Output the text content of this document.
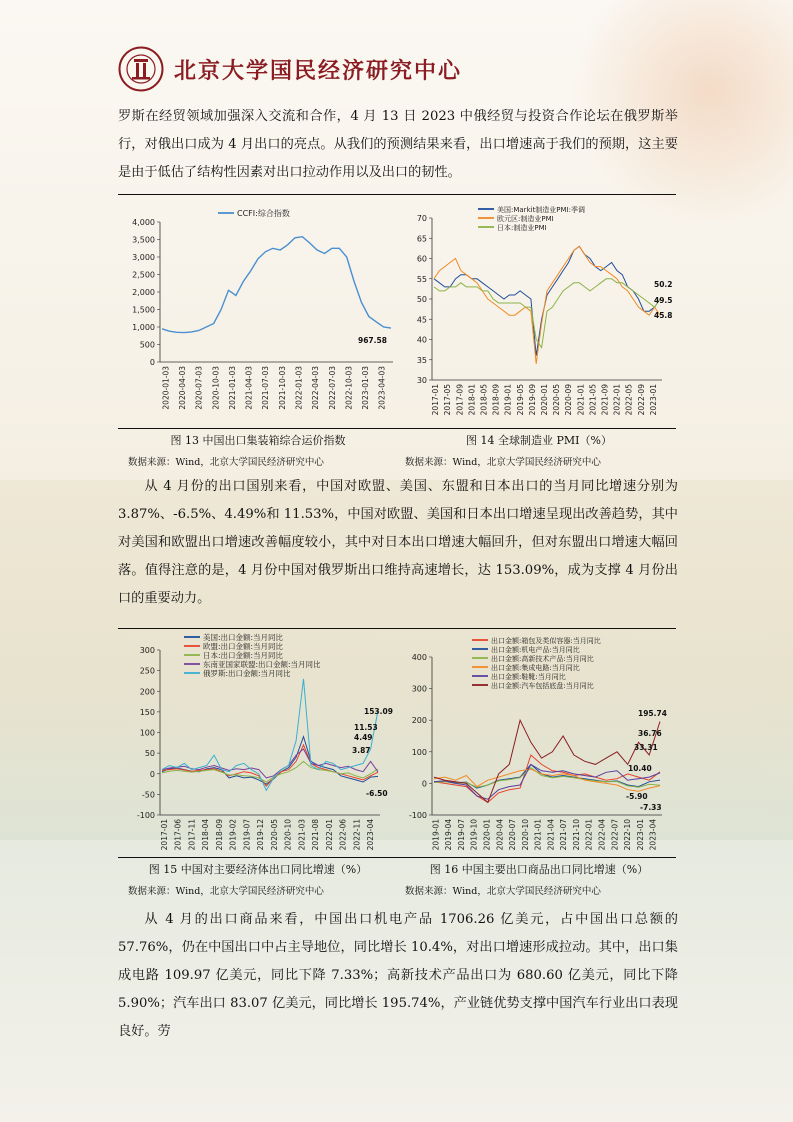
北京大学国民经济研究中心

罗斯在经贸领域加强深入交流和合作，4 月 13 日 2023 中俄经贸与投资合作论坛在俄罗斯举行，对俄出口成为 4 月出口的亮点。从我们的预测结果来看，出口增速高于我们的预期，这主要是由于低估了结构性因素对出口拉动作用以及出口的韧性。

0
500
1,000
1,500
2,000
2,500
3,000
3,500
4,000
2020-01-03 2020-04-03 2020-07-03 2020-10-03 2021-01-03 2021-04-03 2021-07-03 2021-10-03 2022-01-03 2022-04-03 2022-07-03 2022-10-03 2023-01-03 2023-04-03
CCFI:综合指数
967.58
30
35
40
45
50
55
60
65
70
2017-01 2017-05 2017-09 2018-01 2018-05 2018-09 2019-01 2019-05 2019-09 2020-01 2020-05 2020-09 2021-01 2021-05 2021-09 2022-01 2022-05 2022-09 2023-01
美国:Markit制造业PMI:季调
欧元区:制造业PMI
日本:制造业PMI
50.2
49.5
45.8
图 13 中国出口集装箱综合运价指数	图 14 全球制造业 PMI（%）
数据来源：Wind，北京大学国民经济研究中心	数据来源：Wind，北京大学国民经济研究中心

从 4 月份的出口国别来看，中国对欧盟、美国、东盟和日本出口的当月同比增速分别为 3.87%、-6.5%、4.49%和 11.53%，中国对欧盟、美国和日本出口增速呈现出改善趋势，其中对美国和欧盟出口增速改善幅度较小，其中对日本出口增速大幅回升，但对东盟出口增速大幅回落。值得注意的是，4 月份中国对俄罗斯出口维持高速增长，达 153.09%，成为支撑 4 月份出口的重要动力。

-100
-50
0
50
100
150
200
250
300
2017-01 2017-06 2017-11 2018-04 2018-09 2019-02 2019-07 2019-12 2020-05 2020-10 2021-03 2021-08 2022-01 2022-06 2022-11 2023-04
美国:出口金额:当月同比
欧盟:出口金额:当月同比
日本:出口金额:当月同比
东南亚国家联盟:出口金额:当月同比
俄罗斯:出口金额:当月同比
153.09
11.53
4.49
3.87
-6.50
-100
0
100
200
300
400
2019-01 2019-04 2019-07 2019-10 2020-01 2020-04 2020-07 2020-10 2021-01 2021-04 2021-07 2021-10 2022-01 2022-04 2022-07 2022-10 2023-01 2023-04
出口金额:箱包及类似容器:当月同比
出口金额:机电产品:当月同比
出口金额:高新技术产品:当月同比
出口金额:集成电路:当月同比
出口金额:鞋靴:当月同比
出口金额:汽车包括底盘:当月同比
195.74
36.76
33.31
10.40
-5.90
-7.33
图 15 中国对主要经济体出口同比增速（%）	图 16 中国主要出口商品出口同比增速（%）
数据来源：Wind，北京大学国民经济研究中心	数据来源：Wind，北京大学国民经济研究中心

从 4 月的出口商品来看，中国出口机电产品 1706.26 亿美元，占中国出口总额的 57.76%，仍在中国出口中占主导地位，同比增长 10.4%，对出口增速形成拉动。其中，出口集成电路 109.97 亿美元，同比下降 7.33%；高新技术产品出口为 680.60 亿美元，同比下降 5.90%；汽车出口 83.07 亿美元，同比增长 195.74%，产业链优势支撑中国汽车行业出口表现良好。劳
